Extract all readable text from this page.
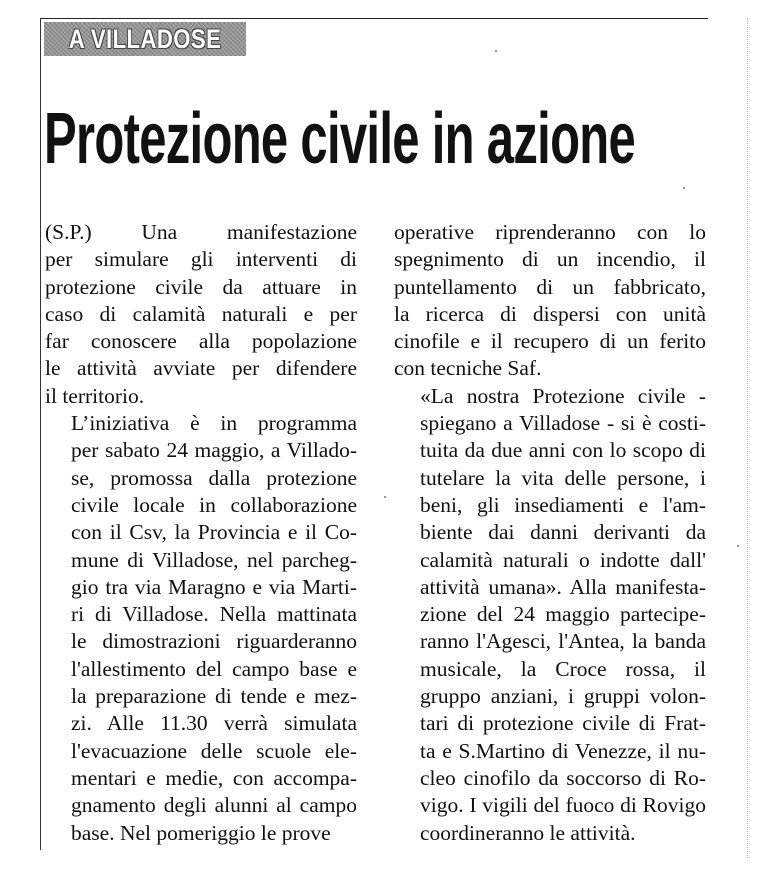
A VILLADOSE
Protezione civile in azione

(S.P.) Una manifestazione
per simulare gli interventi di
protezione civile da attuare in
caso di calamità naturali e per
far conoscere alla popolazione
le attività avviate per difendere
il territorio.

L’iniziativa è in programma
per sabato 24 maggio, a Villado-
se, promossa dalla protezione
civile locale in collaborazione
con il Csv, la Provincia e il Co-
mune di Villadose, nel parcheg-
gio tra via Maragno e via Marti-
ri di Villadose. Nella mattinata
le dimostrazioni riguarderanno
l'allestimento del campo base e
la preparazione di tende e mez-
zi. Alle 11.30 verrà simulata
l'evacuazione delle scuole ele-
mentari e medie, con accompa-
gnamento degli alunni al campo
base. Nel pomeriggio le prove

operative riprenderanno con lo
spegnimento di un incendio, il
puntellamento di un fabbricato,
la ricerca di dispersi con unità
cinofile e il recupero di un ferito
con tecniche Saf.

«La nostra Protezione civile -
spiegano a Villadose - si è costi-
tuita da due anni con lo scopo di
tutelare la vita delle persone, i
beni, gli insediamenti e l'am-
biente dai danni derivanti da
calamità naturali o indotte dall'
attività umana». Alla manifesta-
zione del 24 maggio partecipe-
ranno l'Agesci, l'Antea, la banda
musicale, la Croce rossa, il
gruppo anziani, i gruppi volon-
tari di protezione civile di Frat-
ta e S.Martino di Venezze, il nu-
cleo cinofilo da soccorso di Ro-
vigo. I vigili del fuoco di Rovigo
coordineranno le attività.
